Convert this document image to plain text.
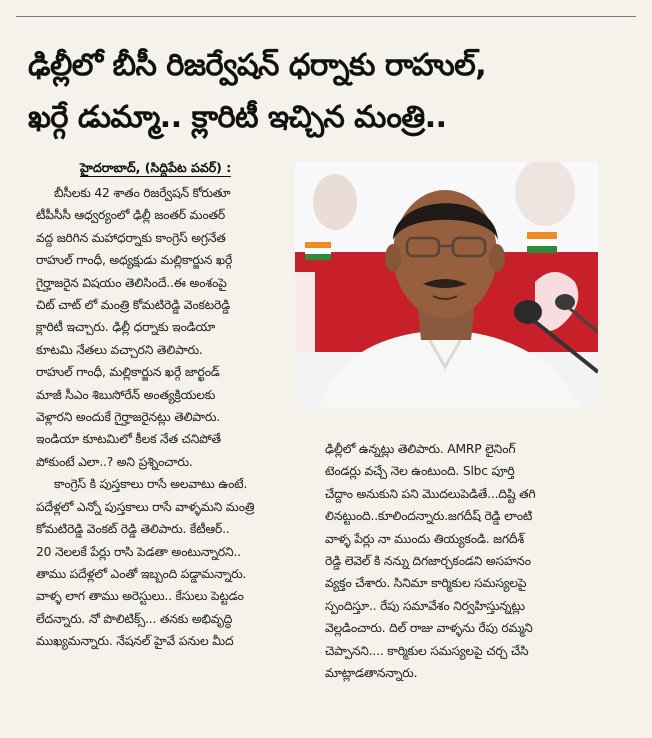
ఢిల్లీలో బీసీ రిజర్వేషన్ ధర్నాకు రాహుల్,
ఖర్గే డుమ్మా.. క్లారిటీ ఇచ్చిన మంత్రి..
హైదరాబాద్, (సిద్దిపేట పవర్) :
బీసీలకు 42 శాతం రిజర్వేషన్ కోరుతూ
టీపీసీసీ ఆధ్వర్యంలో ఢిల్లీ జంతర్ మంతర్
వద్ద జరిగిన మహాధర్నాకు కాంగ్రెస్ అగ్రనేత
రాహుల్ గాంధీ, అధ్యక్షుడు మల్లికార్జున ఖర్గే
గైర్హాజరైన విషయం తెలిసిందే..ఈ అంశంపై
చిట్ చాట్ లో మంత్రి కోమటిరెడ్డి వెంకటరెడ్డి
క్లారిటీ ఇచ్చారు. ఢిల్లీ ధర్నాకు ఇండియా
కూటమి నేతలు వచ్చారని తెలిపారు.
రాహుల్ గాంధీ, మల్లికార్జున ఖర్గే జార్ఖండ్
మాజీ సీఎం శిబుసోరేన్ అంత్యక్రియలకు
వెళ్లారని అందుకే గైర్హాజరైనట్లు తెలిపారు.
ఇండియా కూటమిలో కీలక నేత చనిపోతే
పోకుంటే ఎలా..? అని ప్రశ్నించారు.
కాంగ్రెస్ కి పుస్తకాలు రాసే అలవాటు ఉంటే.
పదేళ్లలో ఎన్నో పుస్తకాలు రాసే వాళ్ళమని మంత్రి
కోమటిరెడ్డి వెంకట్ రెడ్డి తెలిపారు. కేటీఆర్..
20 నెలలకే పేర్లు రాసి పెడతా అంటున్నారని..
తాము పదేళ్లలో ఎంతో ఇబ్బంది పడ్డామన్నారు.
వాళ్ళ లాగ తాము అరెస్టులు.. కేసులు పెట్టడం
లేదన్నారు. నో పొలిటిక్స్... తనకు అభివృద్ధి
ముఖ్యమన్నారు. నేషనల్ హైవే పనుల మీద
ఢిల్లీలో ఉన్నట్లు తెలిపారు. AMRP లైనింగ్
టెండర్లు వచ్చే నెల ఉంటుంది. Slbc పూర్తి
చేద్దాం అనుకుని పని మొదలుపెడితే...దిష్టి తగి
లినట్టుంది..కూలిందన్నారు.జగదీష్ రెడ్డి లాంటి
వాళ్ళ పేర్లు నా ముందు తియ్యకండి. జగదీశ్
రెడ్డి లెవెల్ కి నన్ను దిగజార్చకండని అసహనం
వ్యక్తం చేశారు. సినిమా కార్మికుల సమస్యలపై
స్పందిస్తూ.. రేపు సమావేశం నిర్వహిస్తున్నట్లు
వెల్లడించారు. దిల్ రాజు వాళ్ళను రేపు రమ్మని
చెప్పానని.... కార్మికుల సమస్యలపై చర్చ చేసి
మాట్లాడతానన్నారు.
